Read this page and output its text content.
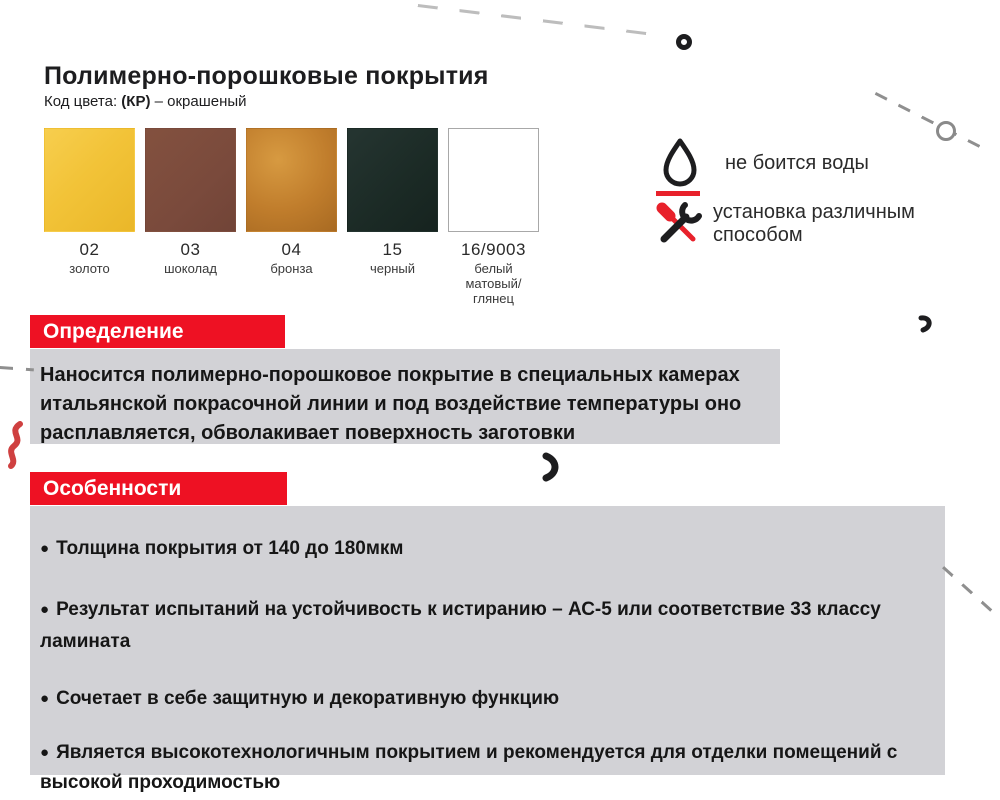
Полимерно-порошковые покрытия
Код цвета: (КР) – окрашеный
02
золото
03
шоколад
04
бронза
15
черный
16/9003
белый матовый/глянец
не боится воды
установка различным способом
Определение
Наносится полимерно-порошковое покрытие в специальных камерах итальянской покрасочной линии и под воздействие температуры оно расплавляется, обволакивает поверхность заготовки
Особенности

● Толщина покрытия от 140 до 180мкм

● Результат испытаний на устойчивость к истиранию – АС-5 или соответствие 33 классу ламината

● Сочетает в себе защитную и декоративную функцию

● Является высокотехнологичным покрытием и рекомендуется для отделки помещений с высокой проходимостью
